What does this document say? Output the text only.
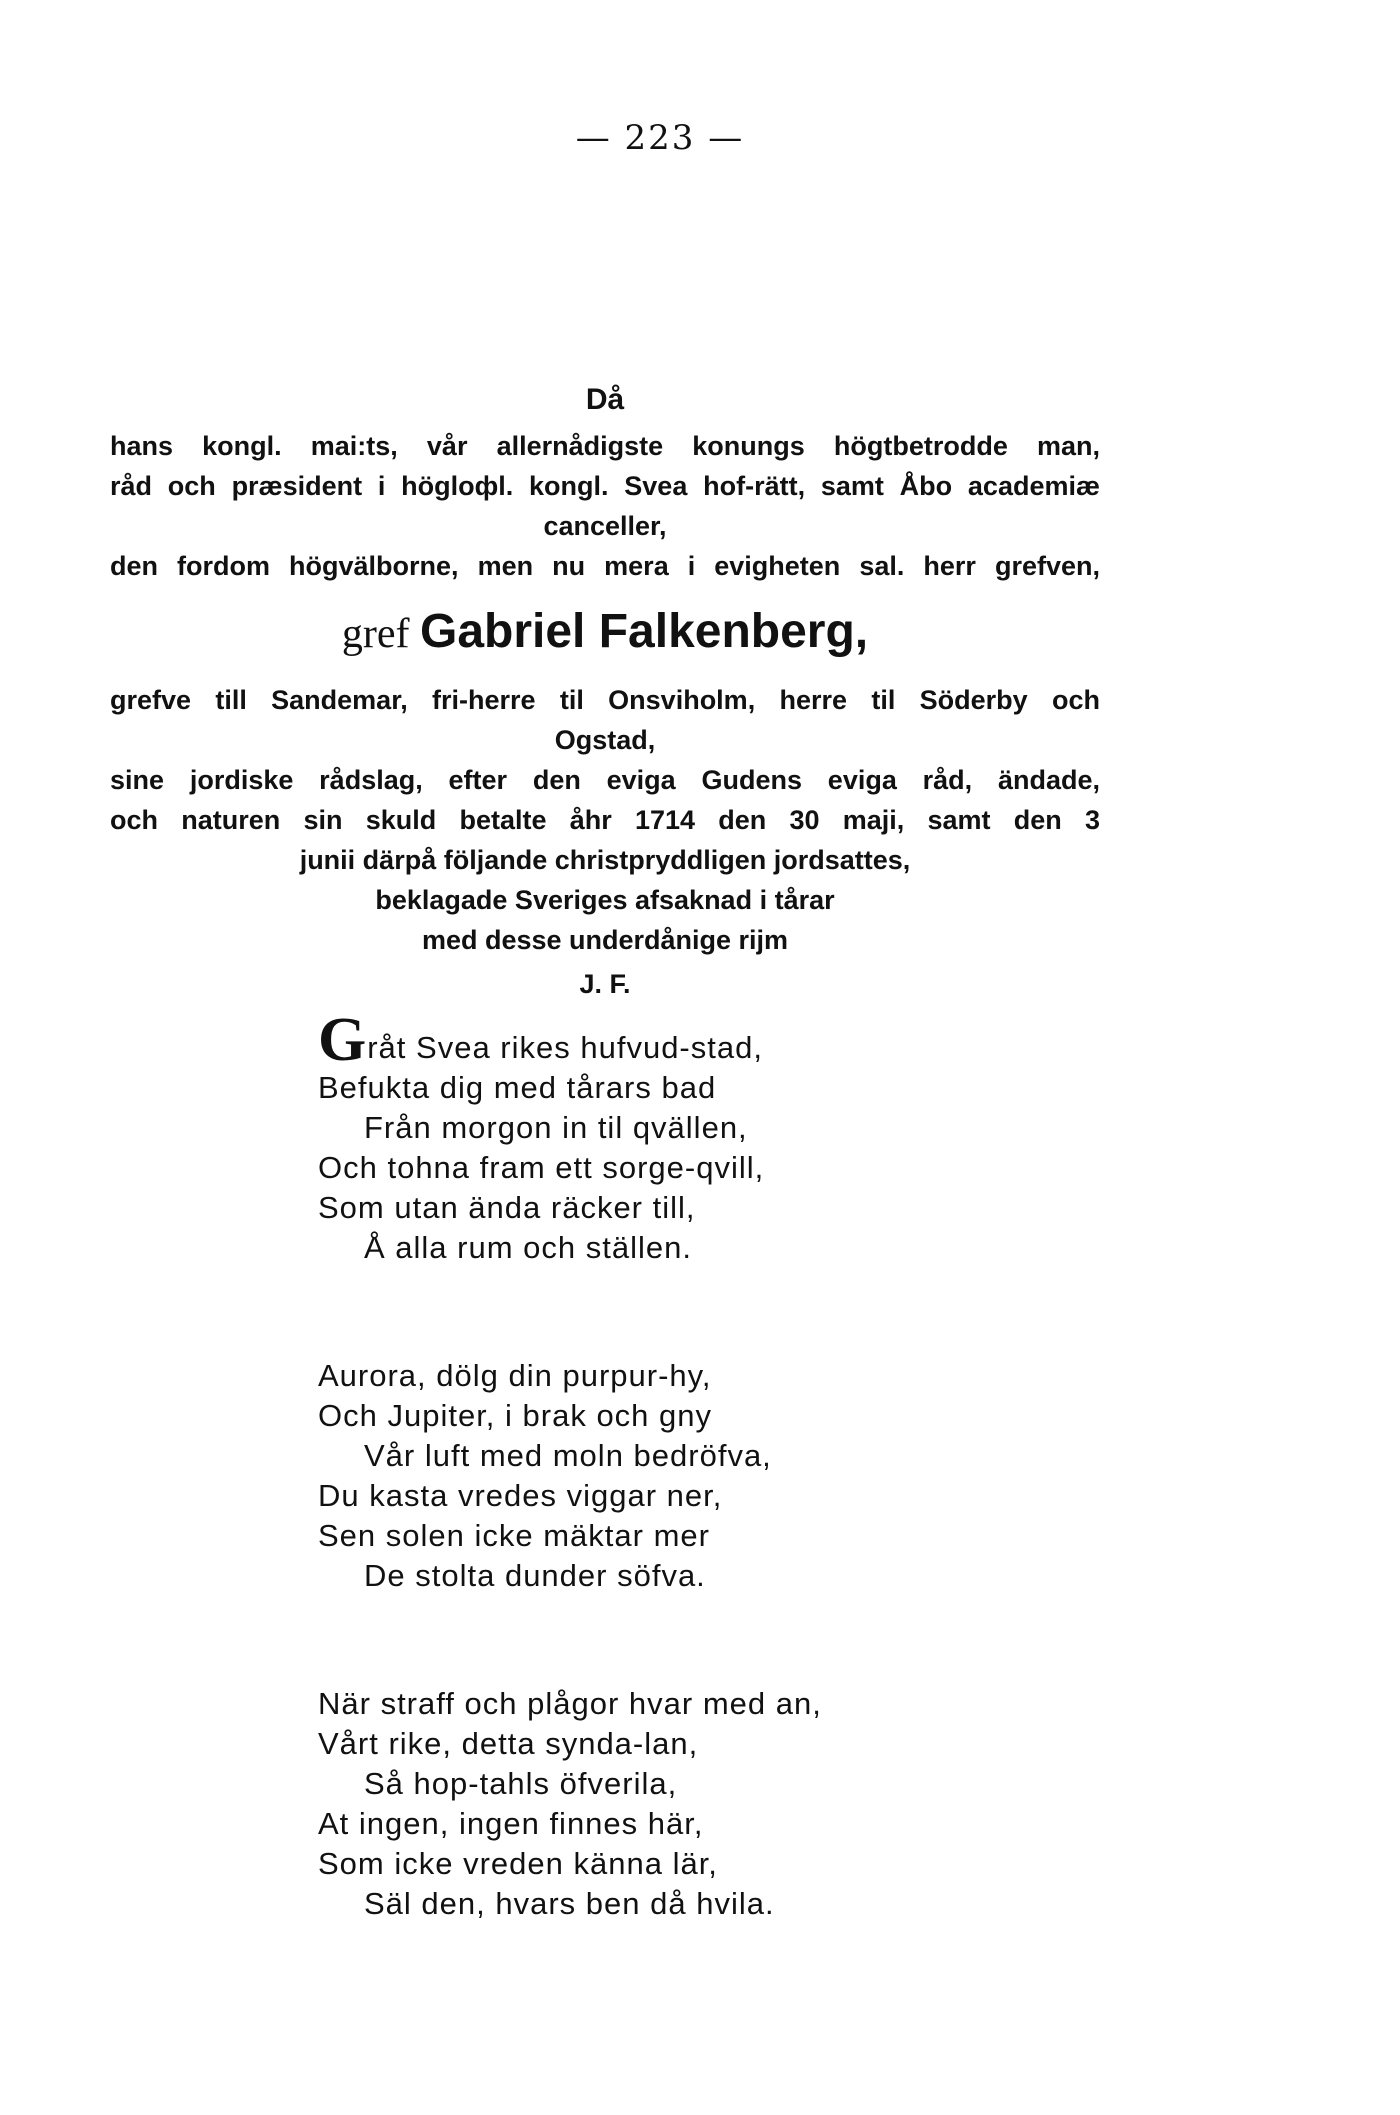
— 223 —
Då
hans kongl. mai:ts, vår allernådigste konungs högtbetrodde man,
råd och præsident i högloфl. kongl. Svea hof-rätt, samt Åbo academiæ
canceller,
den fordom högvälborne, men nu mera i evigheten sal. herr grefven,
gref Gabriel Falkenberg,
grefve till Sandemar, fri-herre til Onsviholm, herre til Söderby och
Ogstad,
sine jordiske rådslag, efter den eviga Gudens eviga råd, ändade,
och naturen sin skuld betalte åhr 1714 den 30 maji, samt den 3
junii därpå följande christpryddligen jordsattes,
beklagade Sveriges afsaknad i tårar
med desse underdånige rijm
J. F.
Gråt Svea rikes hufvud-stad,
Befukta dig med tårars bad
Från morgon in til qvällen,
Och tohna fram ett sorge-qvill,
Som utan ända räcker till,
Å alla rum och ställen.
Aurora, dölg din purpur-hy,
Och Jupiter, i brak och gny
Vår luft med moln bedröfva,
Du kasta vredes viggar ner,
Sen solen icke mäktar mer
De stolta dunder söfva.
När straff och plågor hvar med an,
Vårt rike, detta synda-lan,
Så hop-tahls öfverila,
At ingen, ingen finnes här,
Som icke vreden känna lär,
Säl den, hvars ben då hvila.
